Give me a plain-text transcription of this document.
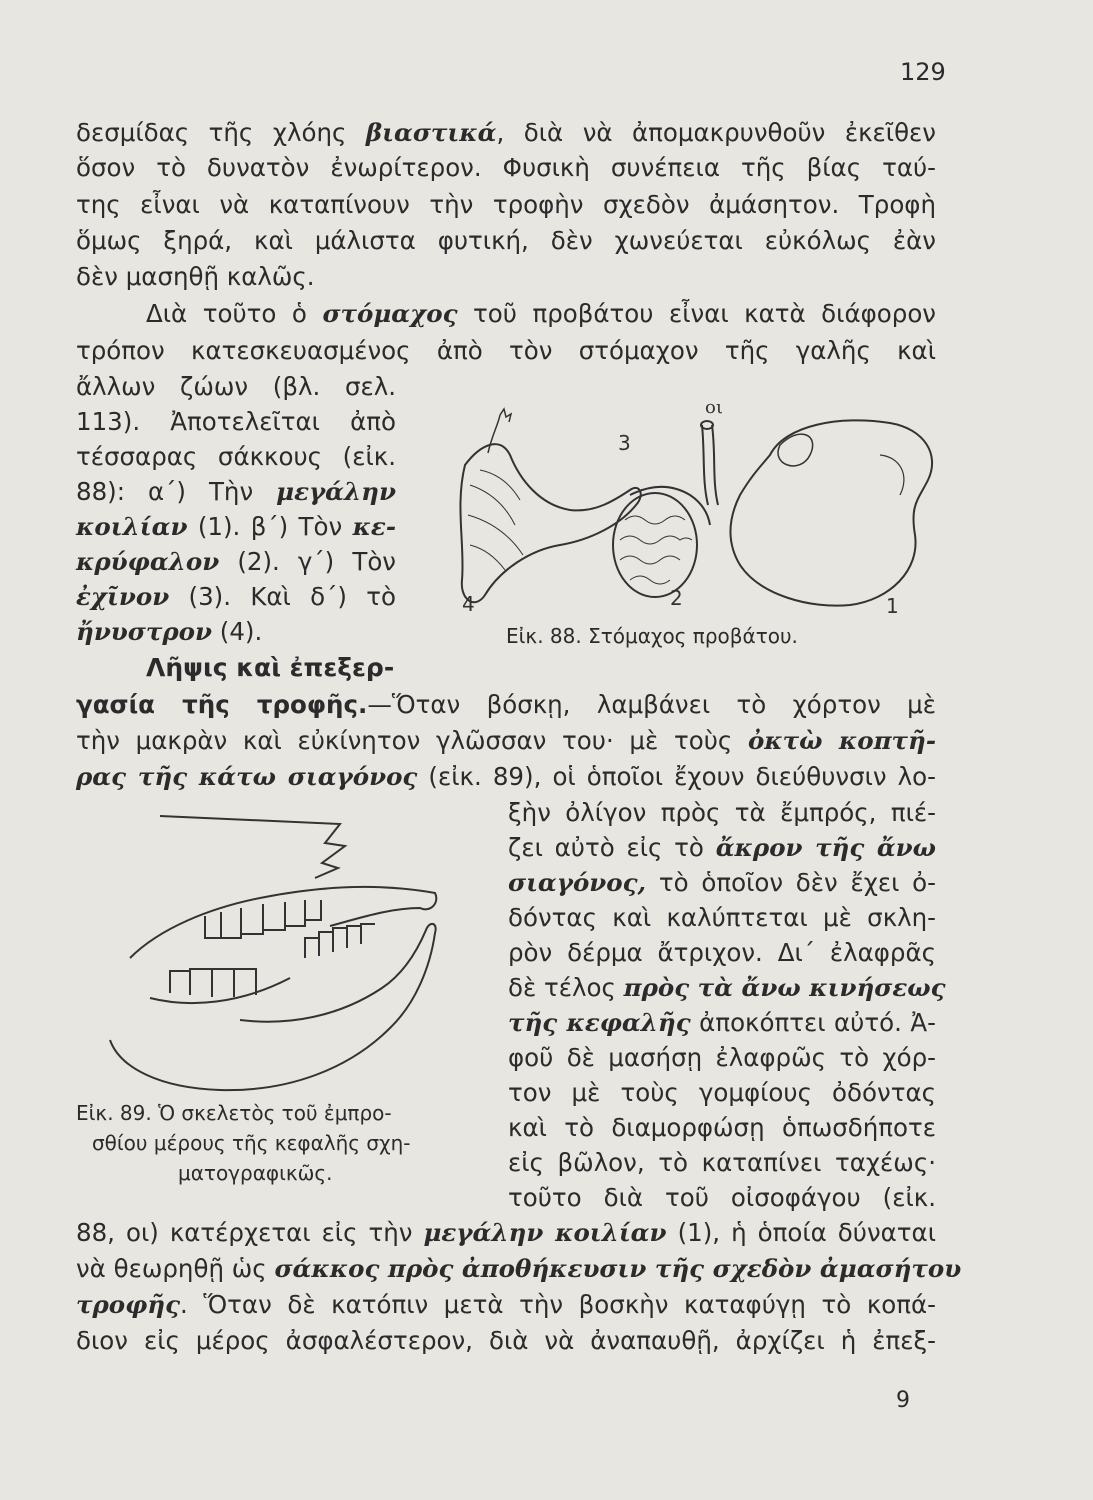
129
δεσμίδας τῆς χλόης βιαστικά, διὰ νὰ ἀπομακρυνθοῦν ἐκεῖθεν
ὅσον τὸ δυνατὸν ἐνωρίτερον. Φυσικὴ συνέπεια τῆς βίας ταύ-
της εἶναι νὰ καταπίνουν τὴν τροφὴν σχεδὸν ἀμάσητον. Τροφὴ
ὅμως ξηρά, καὶ μάλιστα φυτική, δὲν χωνεύεται εὐκόλως ἐὰν
δὲν μασηθῇ καλῶς.
Διὰ τοῦτο ὁ στόμαχος τοῦ προβάτου εἶναι κατὰ διάφορον
τρόπον κατεσκευασμένος ἀπὸ τὸν στόμαχον τῆς γαλῆς καὶ
ἄλλων ζώων (βλ. σελ.
113). Ἀποτελεῖται ἀπὸ
τέσσαρας σάκκους (εἰκ.
88): α΄) Τὴν μεγάλην
κοιλίαν (1). β΄) Τὸν κε-
κρύφαλον (2). γ΄) Τὸν
ἐχῖνον (3). Καὶ δ΄) τὸ
ἤνυστρον (4).
Λῆψις καὶ ἐπεξερ-
οι
3
4	2	1
Εἰκ. 88. Στόμαχος προβάτου.
γασία τῆς τροφῆς.—Ὅταν βόσκῃ, λαμβάνει τὸ χόρτον μὲ
τὴν μακρὰν καὶ εὐκίνητον γλῶσσαν του· μὲ τοὺς ὀκτὼ κοπτῆ-
ρας τῆς κάτω σιαγόνος (εἰκ. 89), οἱ ὁποῖοι ἔχουν διεύθυνσιν λο-
ξὴν ὀλίγον πρὸς τὰ ἔμπρός, πιέ-
ζει αὐτὸ εἰς τὸ ἄκρον τῆς ἄνω
σιαγόνος, τὸ ὁποῖον δὲν ἔχει ὀ-
δόντας καὶ καλύπτεται μὲ σκλη-
ρὸν δέρμα ἄτριχον. Δι΄ ἐλαφρᾶς
δὲ τέλος πρὸς τὰ ἄνω κινήσεως
τῆς κεφαλῆς ἀποκόπτει αὐτό. Ἀ-
φοῦ δὲ μασήσῃ ἐλαφρῶς τὸ χόρ-
τον μὲ τοὺς γομφίους ὀδόντας
καὶ τὸ διαμορφώσῃ ὁπωσδήποτε
εἰς βῶλον, τὸ καταπίνει ταχέως·
τοῦτο διὰ τοῦ οἰσοφάγου (εἰκ.
Εἰκ. 89. Ὁ σκελετὸς τοῦ ἐμπρο-
σθίου μέρους τῆς κεφαλῆς σχη-
ματογραφικῶς.
88, οι) κατέρχεται εἰς τὴν μεγάλην κοιλίαν (1), ἡ ὁποία δύναται
νὰ θεωρηθῇ ὡς σάκκος πρὸς ἀποθήκευσιν τῆς σχεδὸν ἀμασήτου
τροφῆς. Ὅταν δὲ κατόπιν μετὰ τὴν βοσκὴν καταφύγῃ τὸ κοπά-
διον εἰς μέρος ἀσφαλέστερον, διὰ νὰ ἀναπαυθῇ, ἀρχίζει ἡ ἐπεξ-
9
